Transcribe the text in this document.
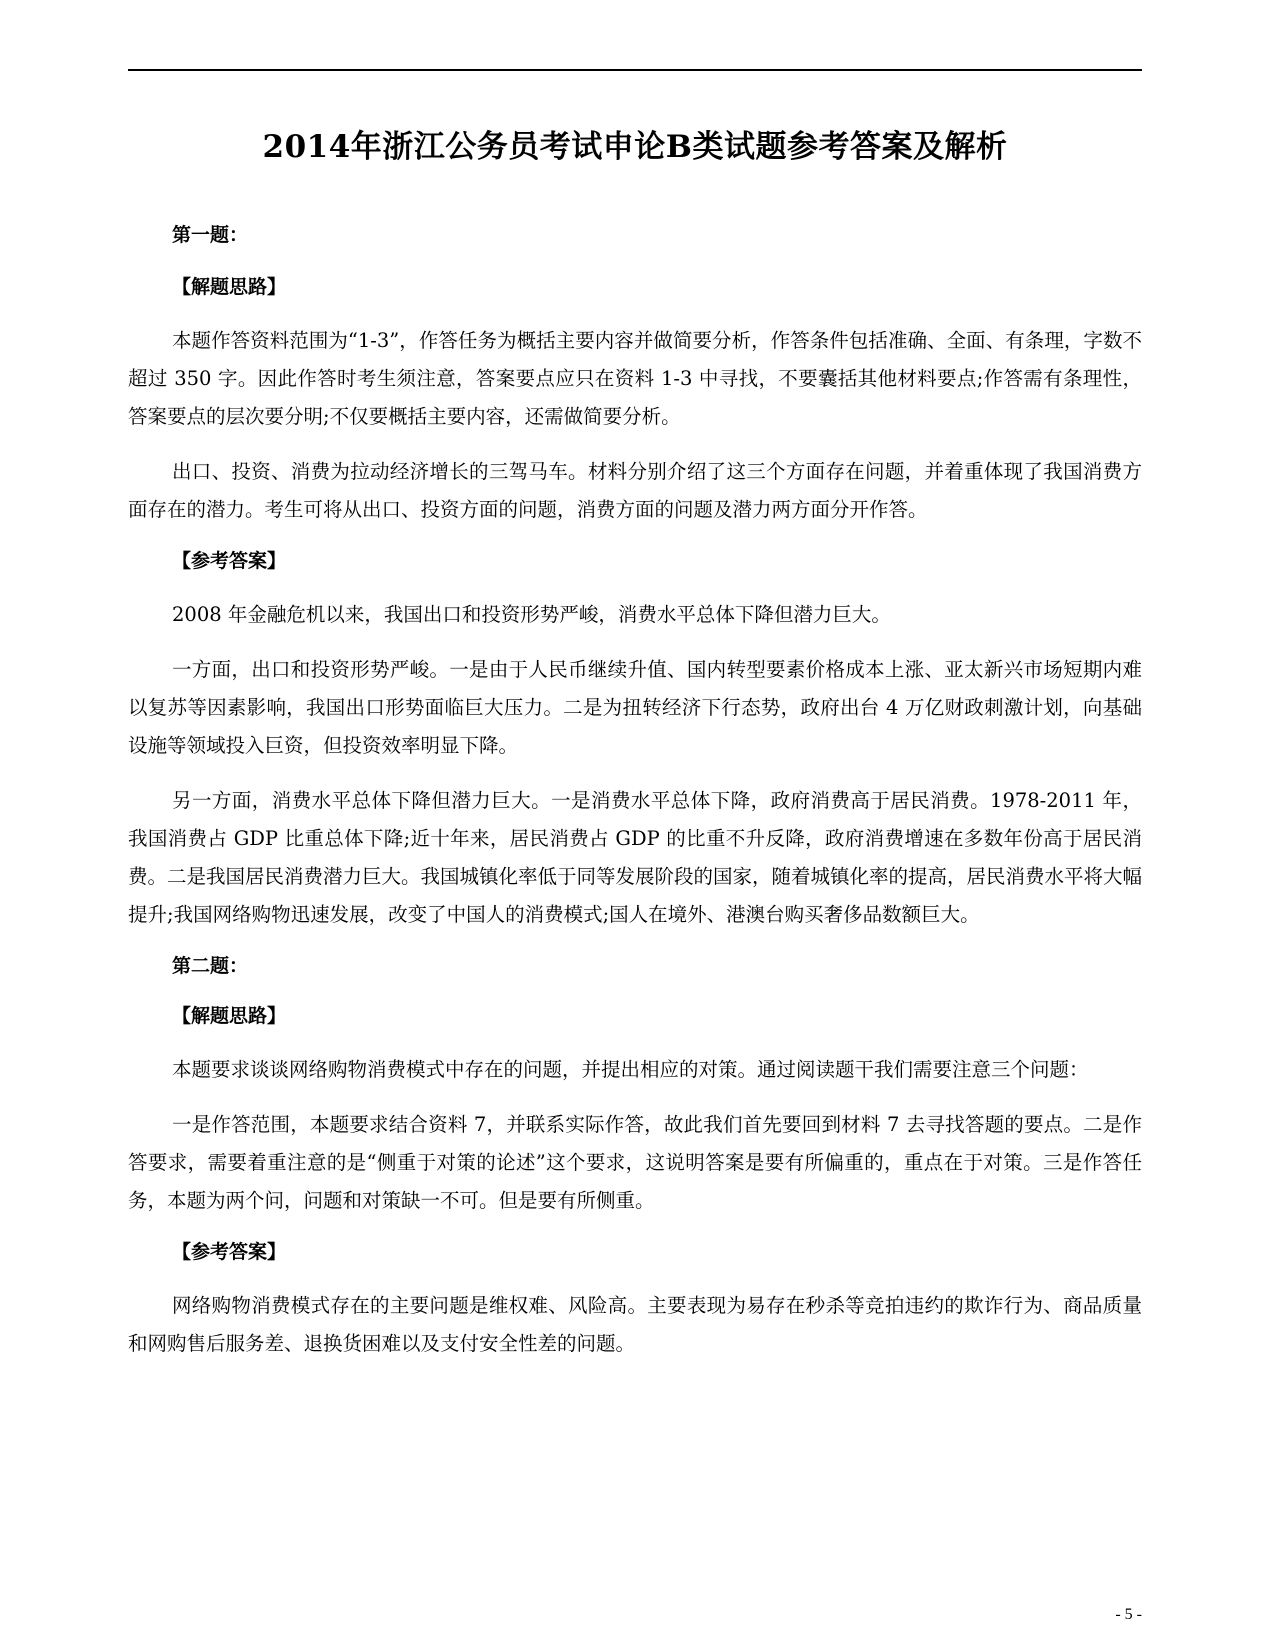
2014年浙江公务员考试申论B类试题参考答案及解析

第一题：

【解题思路】

本题作答资料范围为“1-3”，作答任务为概括主要内容并做简要分析，作答条件包括准确、全面、有条理，字数不超过 350 字。因此作答时考生须注意，答案要点应只在资料 1-3 中寻找，不要囊括其他材料要点;作答需有条理性，答案要点的层次要分明;不仅要概括主要内容，还需做简要分析。

出口、投资、消费为拉动经济增长的三驾马车。材料分别介绍了这三个方面存在问题，并着重体现了我国消费方面存在的潜力。考生可将从出口、投资方面的问题，消费方面的问题及潜力两方面分开作答。

【参考答案】

2008 年金融危机以来，我国出口和投资形势严峻，消费水平总体下降但潜力巨大。

一方面，出口和投资形势严峻。一是由于人民币继续升值、国内转型要素价格成本上涨、亚太新兴市场短期内难以复苏等因素影响，我国出口形势面临巨大压力。二是为扭转经济下行态势，政府出台 4 万亿财政刺激计划，向基础设施等领域投入巨资，但投资效率明显下降。

另一方面，消费水平总体下降但潜力巨大。一是消费水平总体下降，政府消费高于居民消费。1978-2011 年，我国消费占 GDP 比重总体下降;近十年来，居民消费占 GDP 的比重不升反降，政府消费增速在多数年份高于居民消费。二是我国居民消费潜力巨大。我国城镇化率低于同等发展阶段的国家，随着城镇化率的提高，居民消费水平将大幅提升;我国网络购物迅速发展，改变了中国人的消费模式;国人在境外、港澳台购买奢侈品数额巨大。

第二题：

【解题思路】

本题要求谈谈网络购物消费模式中存在的问题，并提出相应的对策。通过阅读题干我们需要注意三个问题：

一是作答范围，本题要求结合资料 7，并联系实际作答，故此我们首先要回到材料 7 去寻找答题的要点。二是作答要求，需要着重注意的是“侧重于对策的论述”这个要求，这说明答案是要有所偏重的，重点在于对策。三是作答任务，本题为两个问，问题和对策缺一不可。但是要有所侧重。

【参考答案】

网络购物消费模式存在的主要问题是维权难、风险高。主要表现为易存在秒杀等竞拍违约的欺诈行为、商品质量和网购售后服务差、退换货困难以及支付安全性差的问题。

- 5 -
